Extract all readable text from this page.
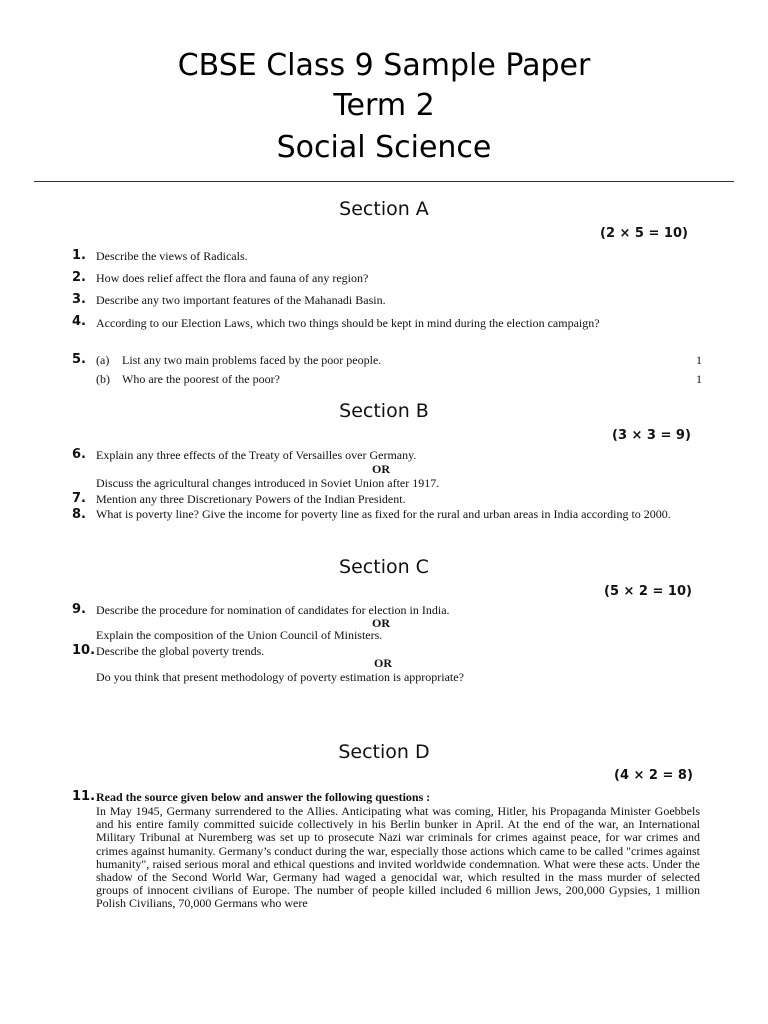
CBSE Class 9 Sample Paper
Term 2
Social Science
Section A
(2 × 5 = 10)
1. Describe the views of Radicals.
2. How does relief affect the flora and fauna of any region?
3. Describe any two important features of the Mahanadi Basin.
4. According to our Election Laws, which two things should be kept in mind during the election campaign?
5. (a) List any two main problems faced by the poor people.	1
(b) Who are the poorest of the poor?	1
Section B
(3 × 3 = 9)
6. Explain any three effects of the Treaty of Versailles over Germany.
OR
Discuss the agricultural changes introduced in Soviet Union after 1917.
7. Mention any three Discretionary Powers of the Indian President.
8. What is poverty line? Give the income for poverty line as fixed for the rural and urban areas in India according to 2000.
Section C
(5 × 2 = 10)
9. Describe the procedure for nomination of candidates for election in India.
OR
Explain the composition of the Union Council of Ministers.
10. Describe the global poverty trends.
OR
Do you think that present methodology of poverty estimation is appropriate?
Section D
(4 × 2 = 8)
11. Read the source given below and answer the following questions :
In May 1945, Germany surrendered to the Allies. Anticipating what was coming, Hitler, his Propaganda Minister Goebbels and his entire family committed suicide collectively in his Berlin bunker in April. At the end of the war, an International Military Tribunal at Nuremberg was set up to prosecute Nazi war criminals for crimes against peace, for war crimes and crimes against humanity. Germany’s conduct during the war, especially those actions which came to be called "crimes against humanity", raised serious moral and ethical questions and invited worldwide condemnation. What were these acts. Under the shadow of the Second World War, Germany had waged a genocidal war, which resulted in the mass murder of selected groups of innocent civilians of Europe. The number of people killed included 6 million Jews, 200,000 Gypsies, 1 million Polish Civilians, 70,000 Germans who were
